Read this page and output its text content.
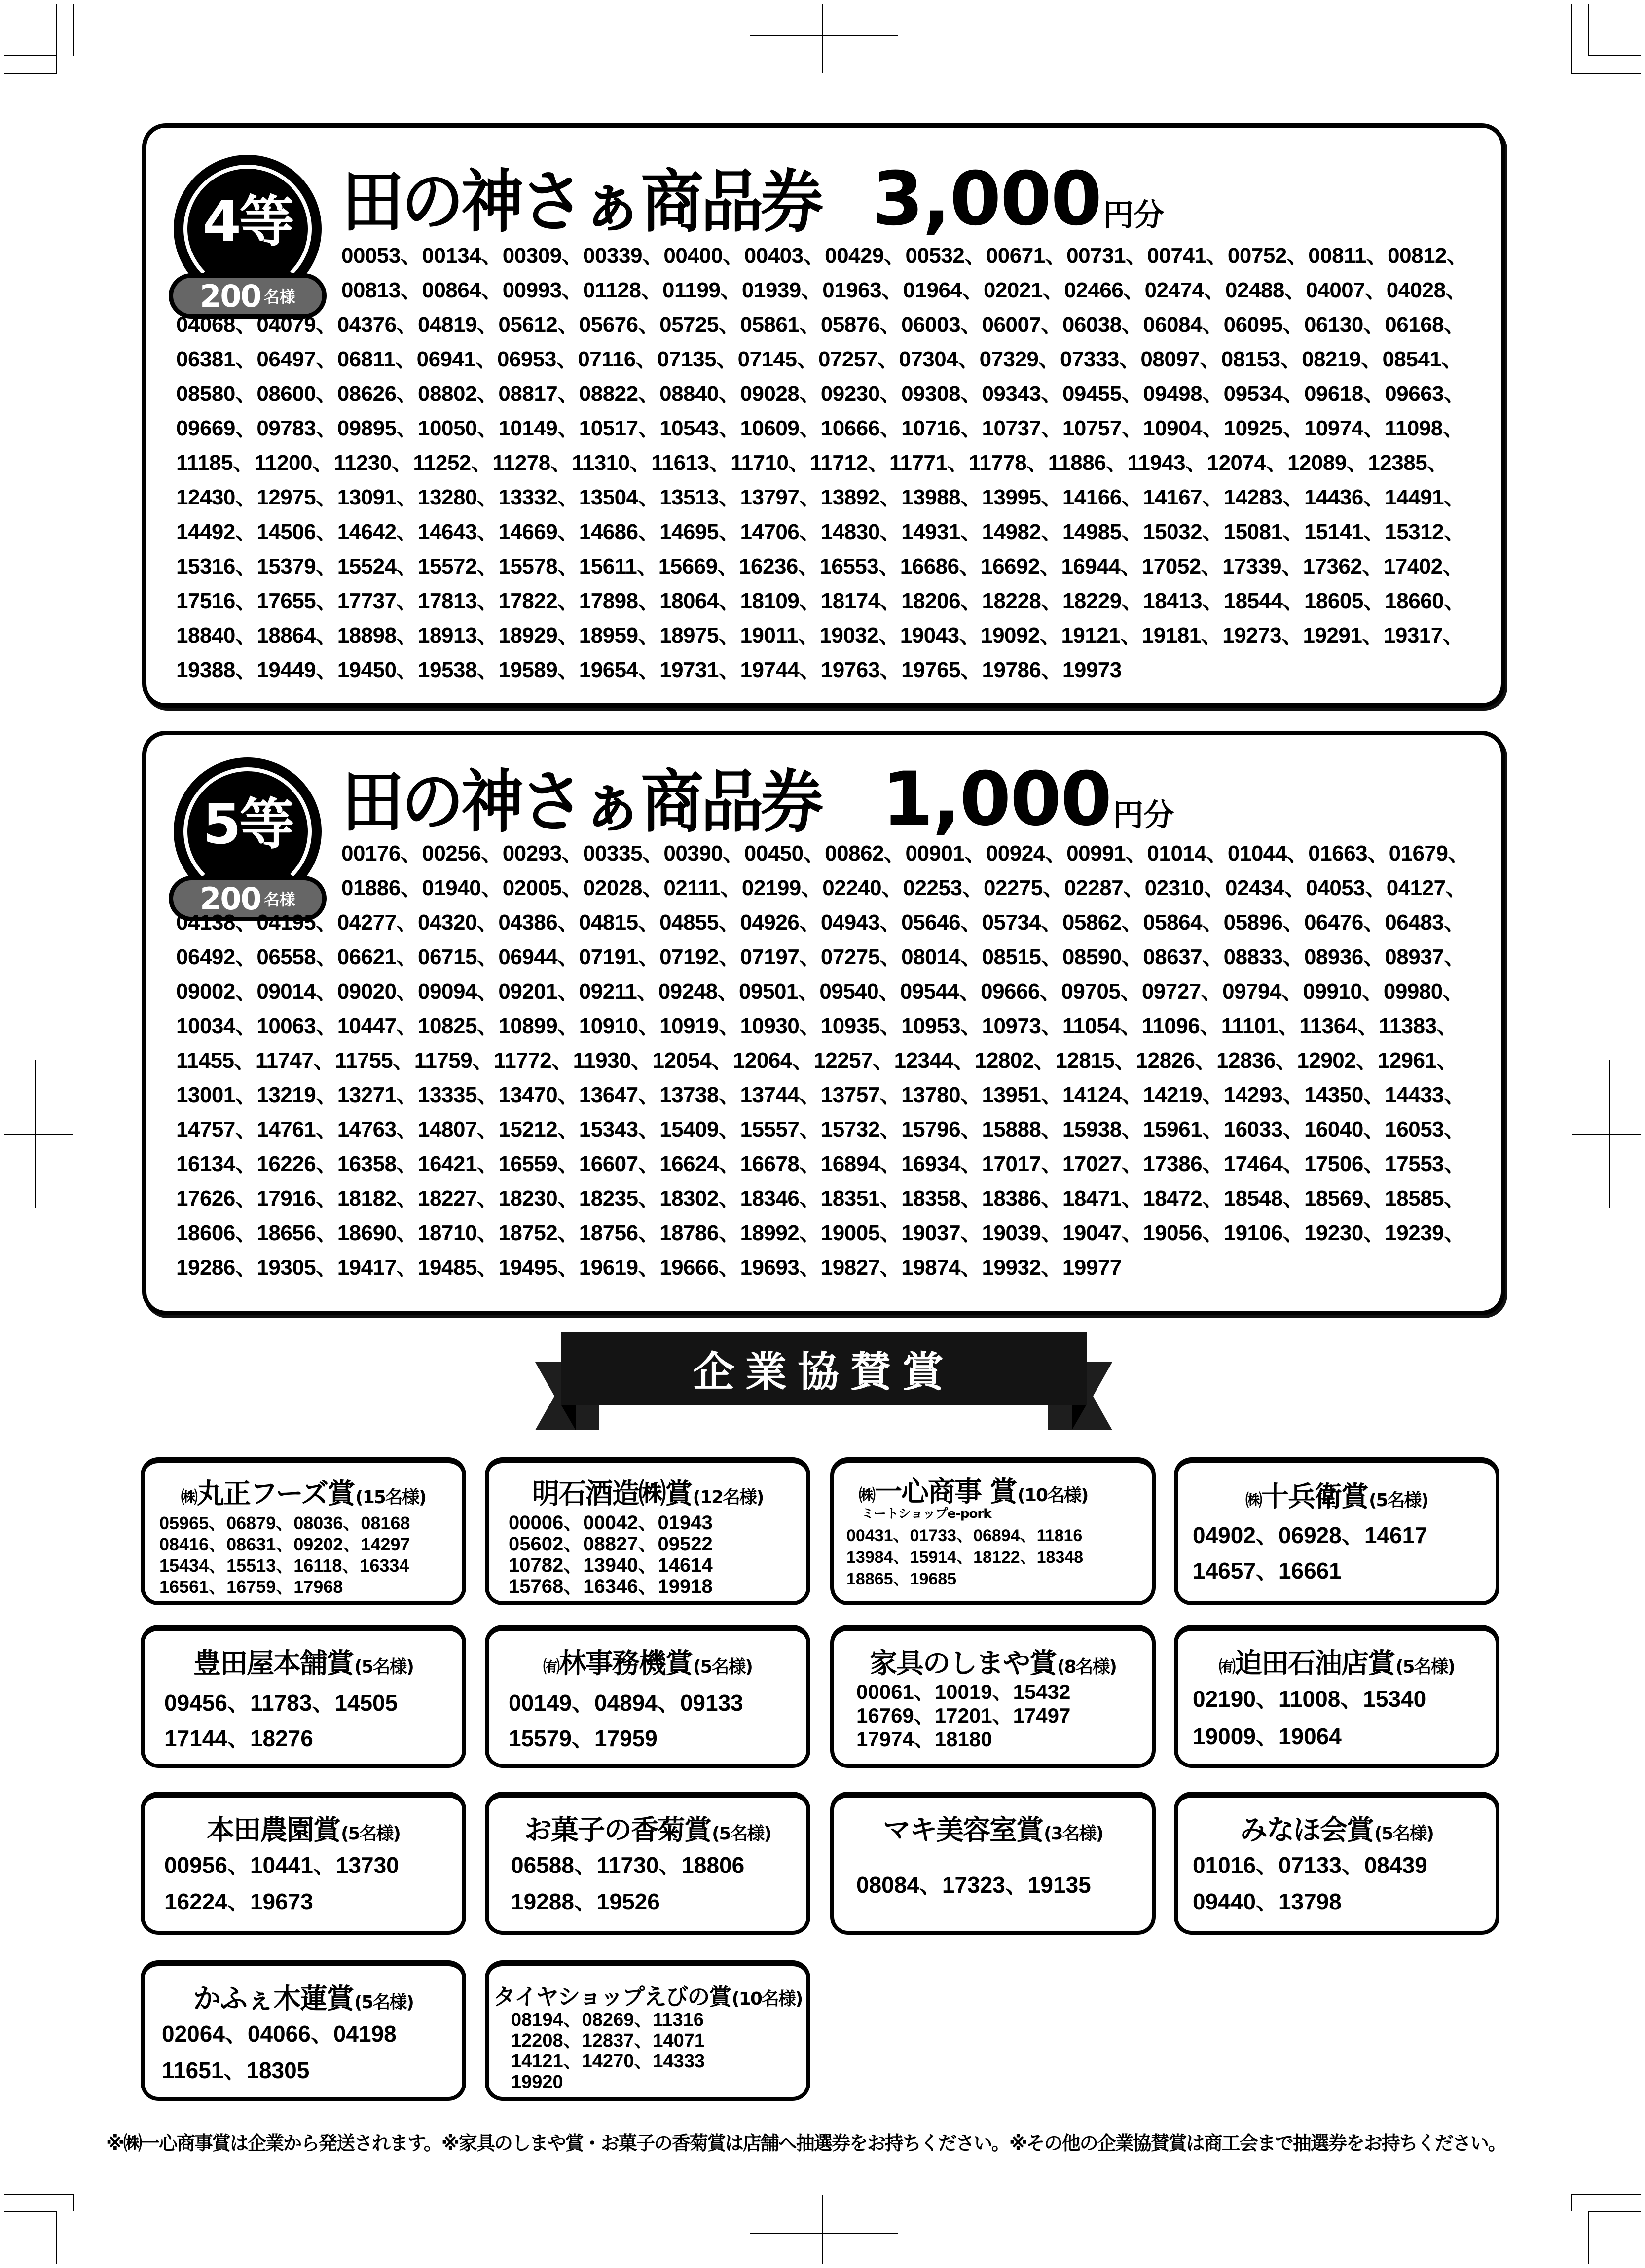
4等
200 名様
田の神さぁ商品券 3,000 円分
00053、00134、00309、00339、00400、00403、00429、00532、00671、00731、00741、00752、00811、00812、
00813、00864、00993、01128、01199、01939、01963、01964、02021、02466、02474、02488、04007、04028、
04068、04079、04376、04819、05612、05676、05725、05861、05876、06003、06007、06038、06084、06095、06130、06168、
06381、06497、06811、06941、06953、07116、07135、07145、07257、07304、07329、07333、08097、08153、08219、08541、
08580、08600、08626、08802、08817、08822、08840、09028、09230、09308、09343、09455、09498、09534、09618、09663、
09669、09783、09895、10050、10149、10517、10543、10609、10666、10716、10737、10757、10904、10925、10974、11098、
11185、11200、11230、11252、11278、11310、11613、11710、11712、11771、11778、11886、11943、12074、12089、12385、
12430、12975、13091、13280、13332、13504、13513、13797、13892、13988、13995、14166、14167、14283、14436、14491、
14492、14506、14642、14643、14669、14686、14695、14706、14830、14931、14982、14985、15032、15081、15141、15312、
15316、15379、15524、15572、15578、15611、15669、16236、16553、16686、16692、16944、17052、17339、17362、17402、
17516、17655、17737、17813、17822、17898、18064、18109、18174、18206、18228、18229、18413、18544、18605、18660、
18840、18864、18898、18913、18929、18959、18975、19011、19032、19043、19092、19121、19181、19273、19291、19317、
19388、19449、19450、19538、19589、19654、19731、19744、19763、19765、19786、19973
5等
200 名様
田の神さぁ商品券 1,000 円分
00176、00256、00293、00335、00390、00450、00862、00901、00924、00991、01014、01044、01663、01679、
01886、01940、02005、02028、02111、02199、02240、02253、02275、02287、02310、02434、04053、04127、
04138、04195、04277、04320、04386、04815、04855、04926、04943、05646、05734、05862、05864、05896、06476、06483、
06492、06558、06621、06715、06944、07191、07192、07197、07275、08014、08515、08590、08637、08833、08936、08937、
09002、09014、09020、09094、09201、09211、09248、09501、09540、09544、09666、09705、09727、09794、09910、09980、
10034、10063、10447、10825、10899、10910、10919、10930、10935、10953、10973、11054、11096、11101、11364、11383、
11455、11747、11755、11759、11772、11930、12054、12064、12257、12344、12802、12815、12826、12836、12902、12961、
13001、13219、13271、13335、13470、13647、13738、13744、13757、13780、13951、14124、14219、14293、14350、14433、
14757、14761、14763、14807、15212、15343、15409、15557、15732、15796、15888、15938、15961、16033、16040、16053、
16134、16226、16358、16421、16559、16607、16624、16678、16894、16934、17017、17027、17386、17464、17506、17553、
17626、17916、18182、18227、18230、18235、18302、18346、18351、18358、18386、18471、18472、18548、18569、18585、
18606、18656、18690、18710、18752、18756、18786、18992、19005、19037、19039、19047、19056、19106、19230、19239、
19286、19305、19417、19485、19495、19619、19666、19693、19827、19874、19932、19977
企業協賛賞
㈱丸正フーズ賞(15名様)
05965、06879、08036、08168
08416、08631、09202、14297
15434、15513、16118、16334
16561、16759、17968
明石酒造㈱賞(12名様)
00006、00042、01943
05602、08827、09522
10782、13940、14614
15768、16346、19918
㈱一心商事 賞(10名様)
ミートショップe-pork
00431、01733、06894、11816
13984、15914、18122、18348
18865、19685
㈱十兵衛賞(5名様)
04902、06928、14617
14657、16661
豊田屋本舗賞(5名様)
09456、11783、14505
17144、18276
㈲林事務機賞(5名様)
00149、04894、09133
15579、17959
家具のしまや賞(8名様)
00061、10019、15432
16769、17201、17497
17974、18180
㈲迫田石油店賞(5名様)
02190、11008、15340
19009、19064
本田農園賞(5名様)
00956、10441、13730
16224、19673
お菓子の香菊賞(5名様)
06588、11730、18806
19288、19526
マキ美容室賞(3名様)
08084、17323、19135
みなほ会賞(5名様)
01016、07133、08439
09440、13798
かふぇ木蓮賞(5名様)
02064、04066、04198
11651、18305
タイヤショップえびの賞(10名様)
08194、08269、11316
12208、12837、14071
14121、14270、14333
19920
※㈱一心商事賞は企業から発送されます。※家具のしまや賞・お菓子の香菊賞は店舗へ抽選券をお持ちください。※その他の企業協賛賞は商工会まで抽選券をお持ちください。
